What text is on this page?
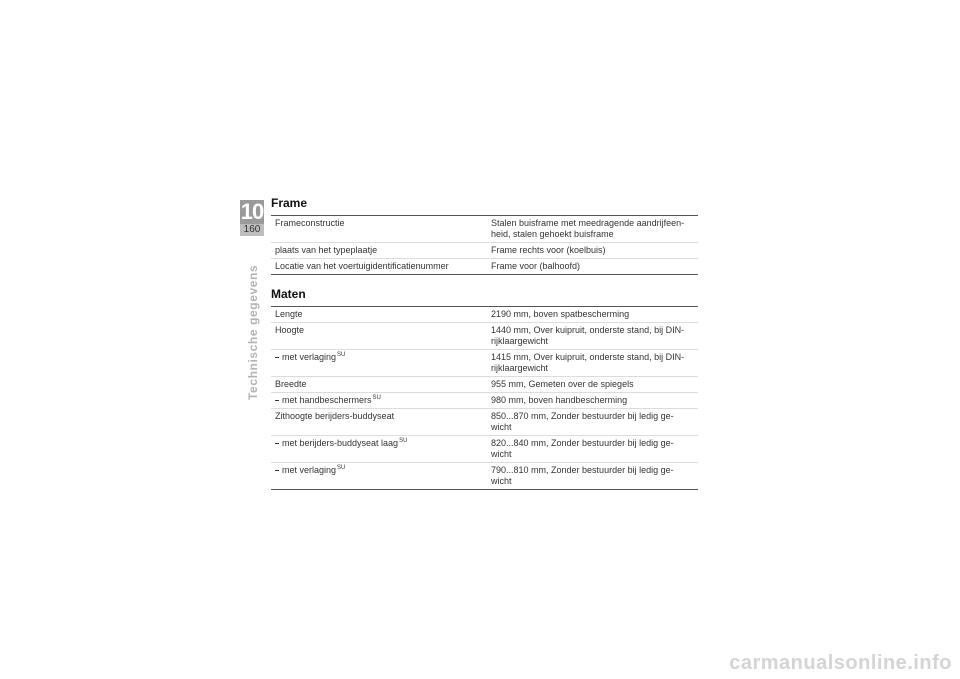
10
160
Technische gegevens
Frame
Frameconstructie	Stalen buisframe met meedragende aandrijfeen-
heid, stalen gehoekt buisframe
plaats van het typeplaatje	Frame rechts voor (koelbuis)
Locatie van het voertuigidentificatienummer	Frame voor (balhoofd)
Maten
Lengte	2190 mm, boven spatbescherming
Hoogte	1440 mm, Over kuipruit, onderste stand, bij DIN-
rijklaargewicht
met verlaging$^{SU}$	1415 mm, Over kuipruit, onderste stand, bij DIN-
rijklaargewicht
Breedte	955 mm, Gemeten over de spiegels
met handbeschermers$^{SU}$	980 mm, boven handbescherming
Zithoogte berijders-buddyseat	850...870 mm, Zonder bestuurder bij ledig ge-
wicht
met berijders-buddyseat laag$^{SU}$	820...840 mm, Zonder bestuurder bij ledig ge-
wicht
met verlaging$^{SU}$	790...810 mm, Zonder bestuurder bij ledig ge-
wicht
carmanualsonline.info
